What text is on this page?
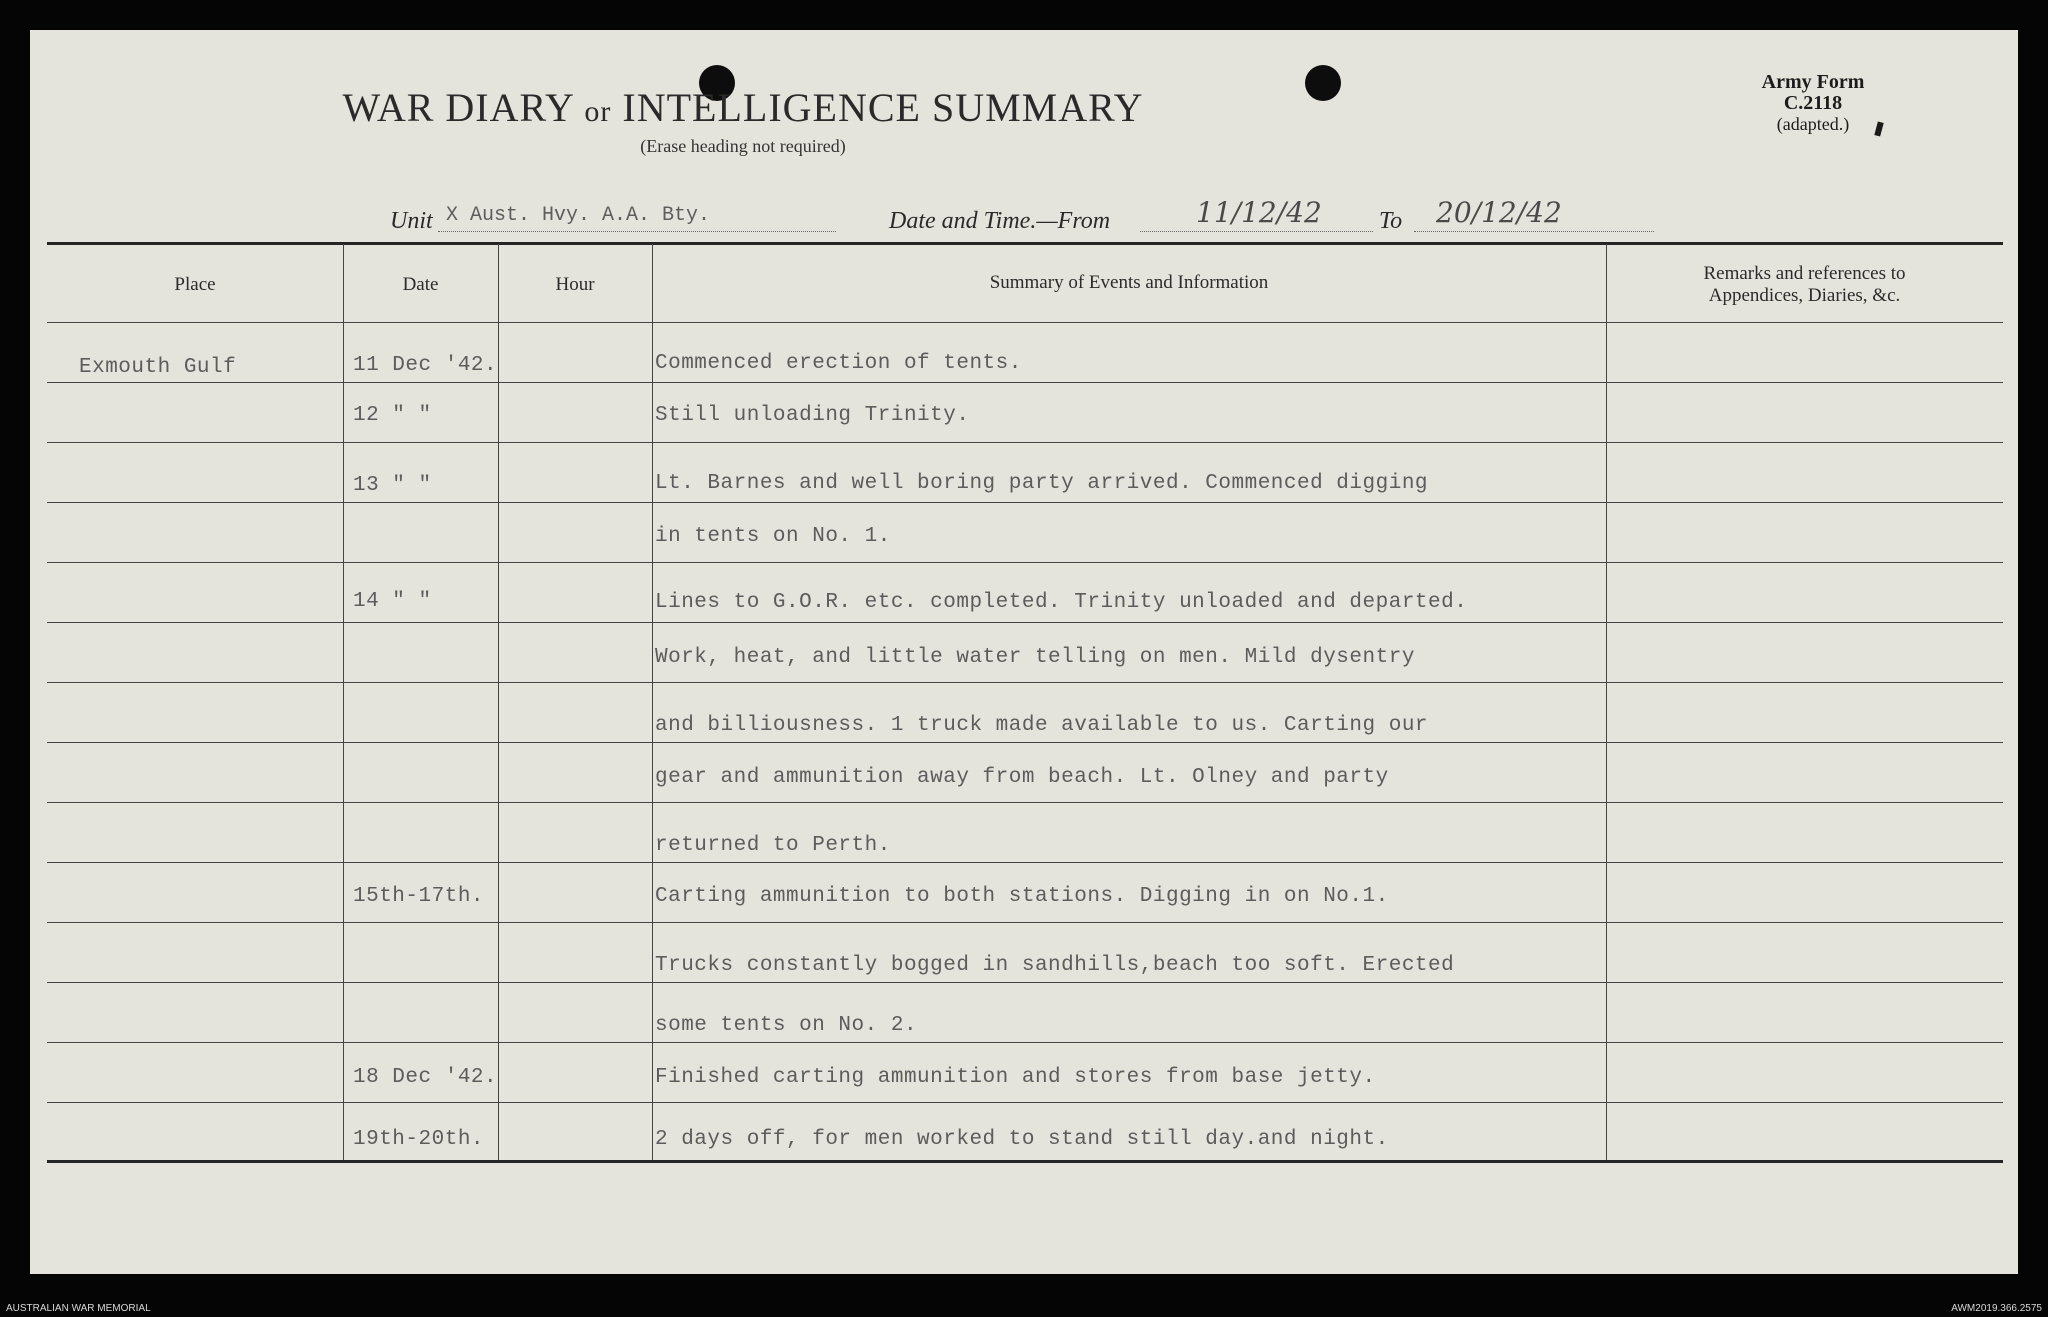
Army Form C.2118
(adapted.)
WAR DIARY or INTELLIGENCE SUMMARY
(Erase heading not required)
Unit X Aust. Hvy. A.A. Bty.	Date and Time.—From	11/12/42 To 20/12/42
Place	Date	Hour	Summary of Events and Information	Remarks and references to
Appendices, Diaries, &c.
Exmouth Gulf	11 Dec '42.	Commenced erection of tents.
12 " "	Still unloading Trinity.
13 " "	Lt. Barnes and well boring party arrived. Commenced digging
in tents on No. 1.
14 " "	Lines to G.O.R. etc. completed. Trinity unloaded and departed.
Work, heat, and little water telling on men. Mild dysentry
and billiousness. 1 truck made available to us. Carting our
gear and ammunition away from beach. Lt. Olney and party
returned to Perth.
15th-17th.	Carting ammunition to both stations. Digging in on No.1.
Trucks constantly bogged in sandhills,beach too soft. Erected
some tents on No. 2.
18 Dec '42.	Finished carting ammunition and stores from base jetty.
19th-20th.	2 days off, for men worked to stand still day.and night.
AUSTRALIAN WAR MEMORIAL	AWM2019.366.2575
